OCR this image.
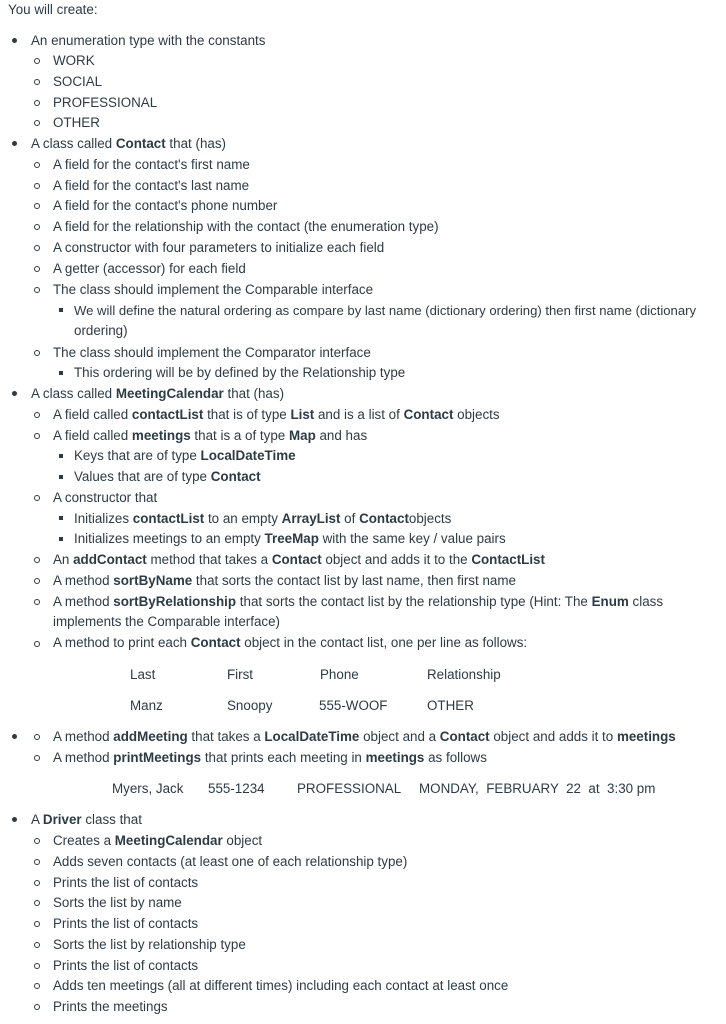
You will create:
An enumeration type with the constants
WORK
SOCIAL
PROFESSIONAL
OTHER
A class called Contact that (has)
A field for the contact's first name
A field for the contact's last name
A field for the contact's phone number
A field for the relationship with the contact (the enumeration type)
A constructor with four parameters to initialize each field
A getter (accessor) for each field
The class should implement the Comparable interface
We will define the natural ordering as compare by last name (dictionary ordering) then first name (dictionary
ordering)
The class should implement the Comparator interface
This ordering will be by defined by the Relationship type
A class called MeetingCalendar that (has)
A field called contactList that is of type List and is a list of Contact objects
A field called meetings that is a of type Map and has
Keys that are of type LocalDateTime
Values that are of type Contact
A constructor that
Initializes contactList to an empty ArrayList of Contactobjects
Initializes meetings to an empty TreeMap with the same key / value pairs
An addContact method that takes a Contact object and adds it to the ContactList
A method sortByName that sorts the contact list by last name, then first name
A method sortByRelationship that sorts the contact list by the relationship type (Hint: The Enum class
implements the Comparable interface)
A method to print each Contact object in the contact list, one per line as follows:
Last	First	Phone	Relationship
Manz	Snoopy	555-WOOF	OTHER
A method addMeeting that takes a LocalDateTime object and a Contact object and adds it to meetings
A method printMeetings that prints each meeting in meetings as follows
Myers, Jack 555-1234 PROFESSIONAL MONDAY,  FEBRUARY  22  at  3:30 pm
A Driver class that
Creates a MeetingCalendar object
Adds seven contacts (at least one of each relationship type)
Prints the list of contacts
Sorts the list by name
Prints the list of contacts
Sorts the list by relationship type
Prints the list of contacts
Adds ten meetings (all at different times) including each contact at least once
Prints the meetings
